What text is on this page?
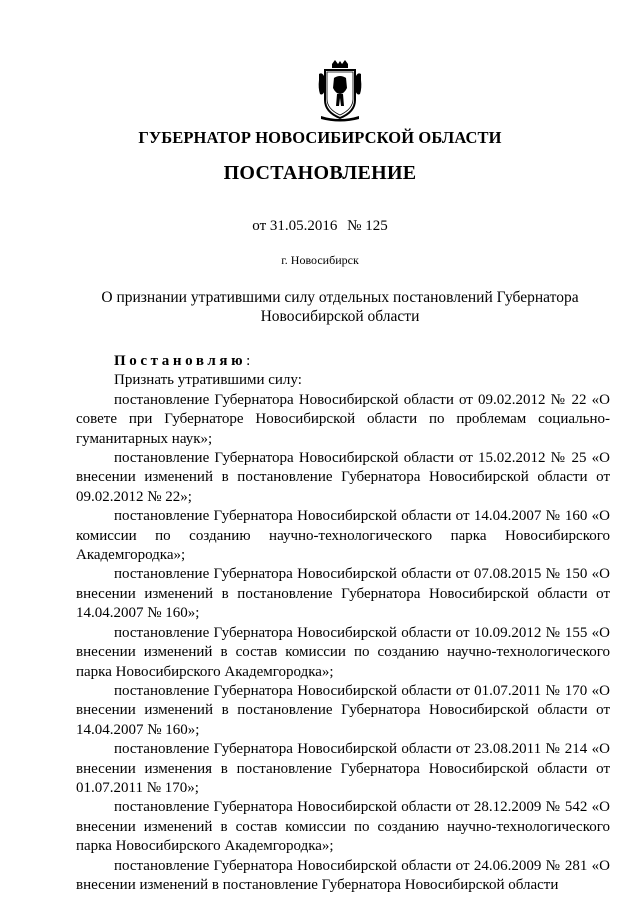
ГУБЕРНАТОР НОВОСИБИРСКОЙ ОБЛАСТИ
ПОСТАНОВЛЕНИЕ
от 31.05.2016 № 125
г. Новосибирск
О признании утратившими силу отдельных постановлений Губернатора
Новосибирской области

Постановляю:

Признать утратившими силу:

постановление Губернатора Новосибирской области от 09.02.2012 № 22 «О совете при Губернаторе Новосибирской области по проблемам социально-гуманитарных наук»;

постановление Губернатора Новосибирской области от 15.02.2012 № 25 «О внесении изменений в постановление Губернатора Новосибирской области от 09.02.2012 № 22»;

постановление Губернатора Новосибирской области от 14.04.2007 № 160 «О комиссии по созданию научно-технологического парка Новосибирского Академгородка»;

постановление Губернатора Новосибирской области от 07.08.2015 № 150 «О внесении изменений в постановление Губернатора Новосибирской области от 14.04.2007 № 160»;

постановление Губернатора Новосибирской области от 10.09.2012 № 155 «О внесении изменений в состав комиссии по созданию научно-технологического парка Новосибирского Академгородка»;

постановление Губернатора Новосибирской области от 01.07.2011 № 170 «О внесении изменений в постановление Губернатора Новосибирской области от 14.04.2007 № 160»;

постановление Губернатора Новосибирской области от 23.08.2011 № 214 «О внесении изменения в постановление Губернатора Новосибирской области от 01.07.2011 № 170»;

постановление Губернатора Новосибирской области от 28.12.2009 № 542 «О внесении изменений в состав комиссии по созданию научно-технологического парка Новосибирского Академгородка»;

постановление Губернатора Новосибирской области от 24.06.2009 № 281 «О внесении изменений в постановление Губернатора Новосибирской области
